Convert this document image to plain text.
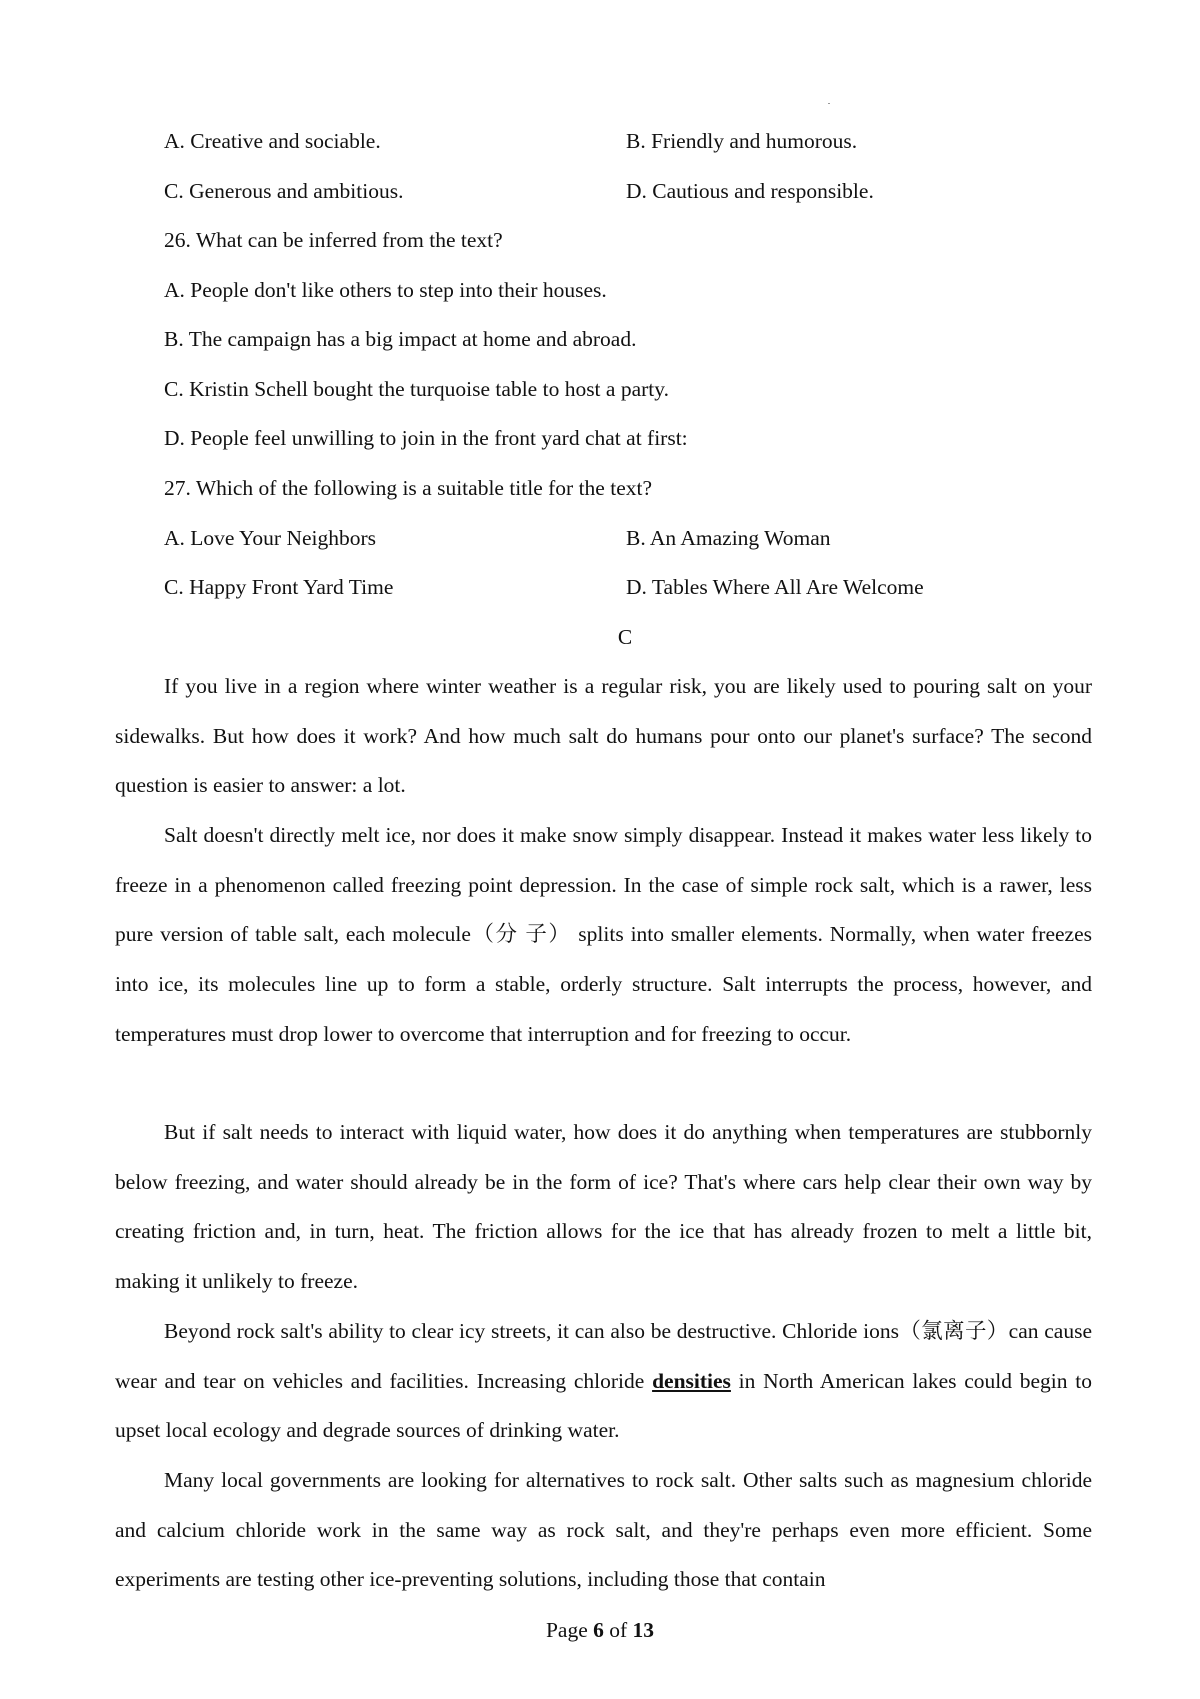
A. Creative and sociable.	B. Friendly and humorous.
C. Generous and ambitious.	D. Cautious and responsible.
26. What can be inferred from the text?
A. People don't like others to step into their houses.
B. The campaign has a big impact at home and abroad.
C. Kristin Schell bought the turquoise table to host a party.
D. People feel unwilling to join in the front yard chat at first:
27. Which of the following is a suitable title for the text?
A. Love Your Neighbors	B. An Amazing Woman
C. Happy Front Yard Time	D. Tables Where All Are Welcome
C

If you live in a region where winter weather is a regular risk, you are likely used to pouring salt on your sidewalks. But how does it work? And how much salt do humans pour onto our planet's surface? The second question is easier to answer: a lot.

Salt doesn't directly melt ice, nor does it make snow simply disappear. Instead it makes water less likely to freeze in a phenomenon called freezing point depression. In the case of simple rock salt, which is a rawer, less pure version of table salt, each molecule（分 子） splits into smaller elements. Normally, when water freezes into ice, its molecules line up to form a stable, orderly structure. Salt interrupts the process, however, and temperatures must drop lower to overcome that interruption and for freezing to occur.

But if salt needs to interact with liquid water, how does it do anything when temperatures are stubbornly below freezing, and water should already be in the form of ice? That's where cars help clear their own way by creating friction and, in turn, heat. The friction allows for the ice that has already frozen to melt a little bit, making it unlikely to freeze.

Beyond rock salt's ability to clear icy streets, it can also be destructive. Chloride ions（氯离子）can cause wear and tear on vehicles and facilities. Increasing chloride densities in North American lakes could begin to upset local ecology and degrade sources of drinking water.

Many local governments are looking for alternatives to rock salt. Other salts such as magnesium chloride and calcium chloride work in the same way as rock salt, and they're perhaps even more efficient. Some experiments are testing other ice-preventing solutions, including those that contain

Page 6 of 13
